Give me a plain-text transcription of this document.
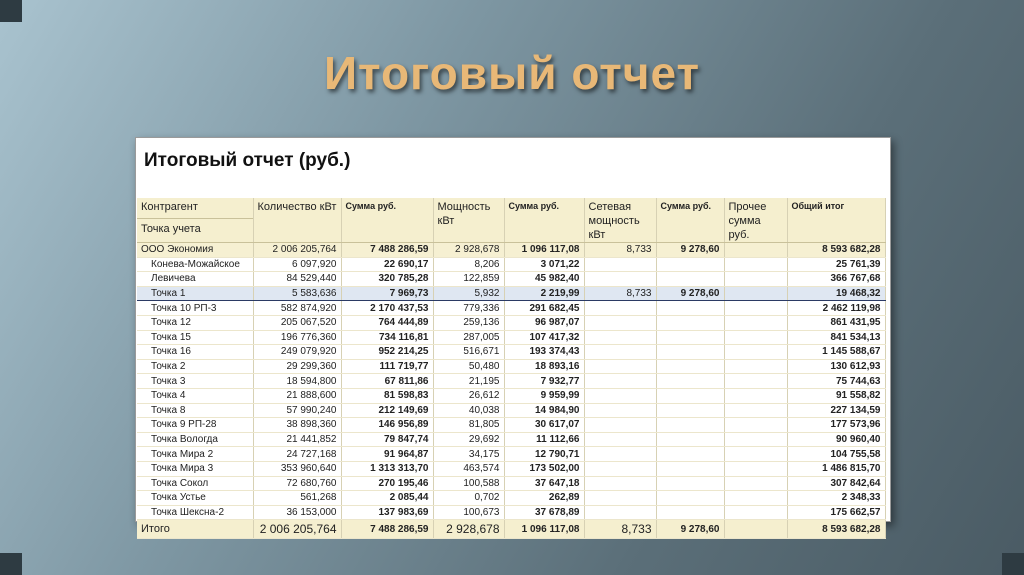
Итоговый отчет
Итоговый отчет (руб.)
Контрагент
Точка учета	Количество кВт	Сумма руб.	Мощность кВт	Сумма руб.	Сетевая мощность кВт	Сумма руб.	Прочее сумма руб.	Общий итог
ООО Экономия	2 006 205,764	7 488 286,59	2 928,678	1 096 117,08	8,733	9 278,60		8 593 682,28
Конева-Можайское	6 097,920	22 690,17	8,206	3 071,22				25 761,39
Левичева	84 529,440	320 785,28	122,859	45 982,40				366 767,68
Точка 1	5 583,636	7 969,73	5,932	2 219,99	8,733	9 278,60		19 468,32
Точка 10 РП-3	582 874,920	2 170 437,53	779,336	291 682,45				2 462 119,98
Точка 12	205 067,520	764 444,89	259,136	96 987,07				861 431,95
Точка 15	196 776,360	734 116,81	287,005	107 417,32				841 534,13
Точка 16	249 079,920	952 214,25	516,671	193 374,43				1 145 588,67
Точка 2	29 299,360	111 719,77	50,480	18 893,16				130 612,93
Точка 3	18 594,800	67 811,86	21,195	7 932,77				75 744,63
Точка 4	21 888,600	81 598,83	26,612	9 959,99				91 558,82
Точка 8	57 990,240	212 149,69	40,038	14 984,90				227 134,59
Точка 9 РП-28	38 898,360	146 956,89	81,805	30 617,07				177 573,96
Точка Вологда	21 441,852	79 847,74	29,692	11 112,66				90 960,40
Точка Мира 2	24 727,168	91 964,87	34,175	12 790,71				104 755,58
Точка Мира 3	353 960,640	1 313 313,70	463,574	173 502,00				1 486 815,70
Точка Сокол	72 680,760	270 195,46	100,588	37 647,18				307 842,64
Точка Устье	561,268	2 085,44	0,702	262,89				2 348,33
Точка Шексна-2	36 153,000	137 983,69	100,673	37 678,89				175 662,57
Итого	2 006 205,764	7 488 286,59	2 928,678	1 096 117,08	8,733	9 278,60		8 593 682,28
